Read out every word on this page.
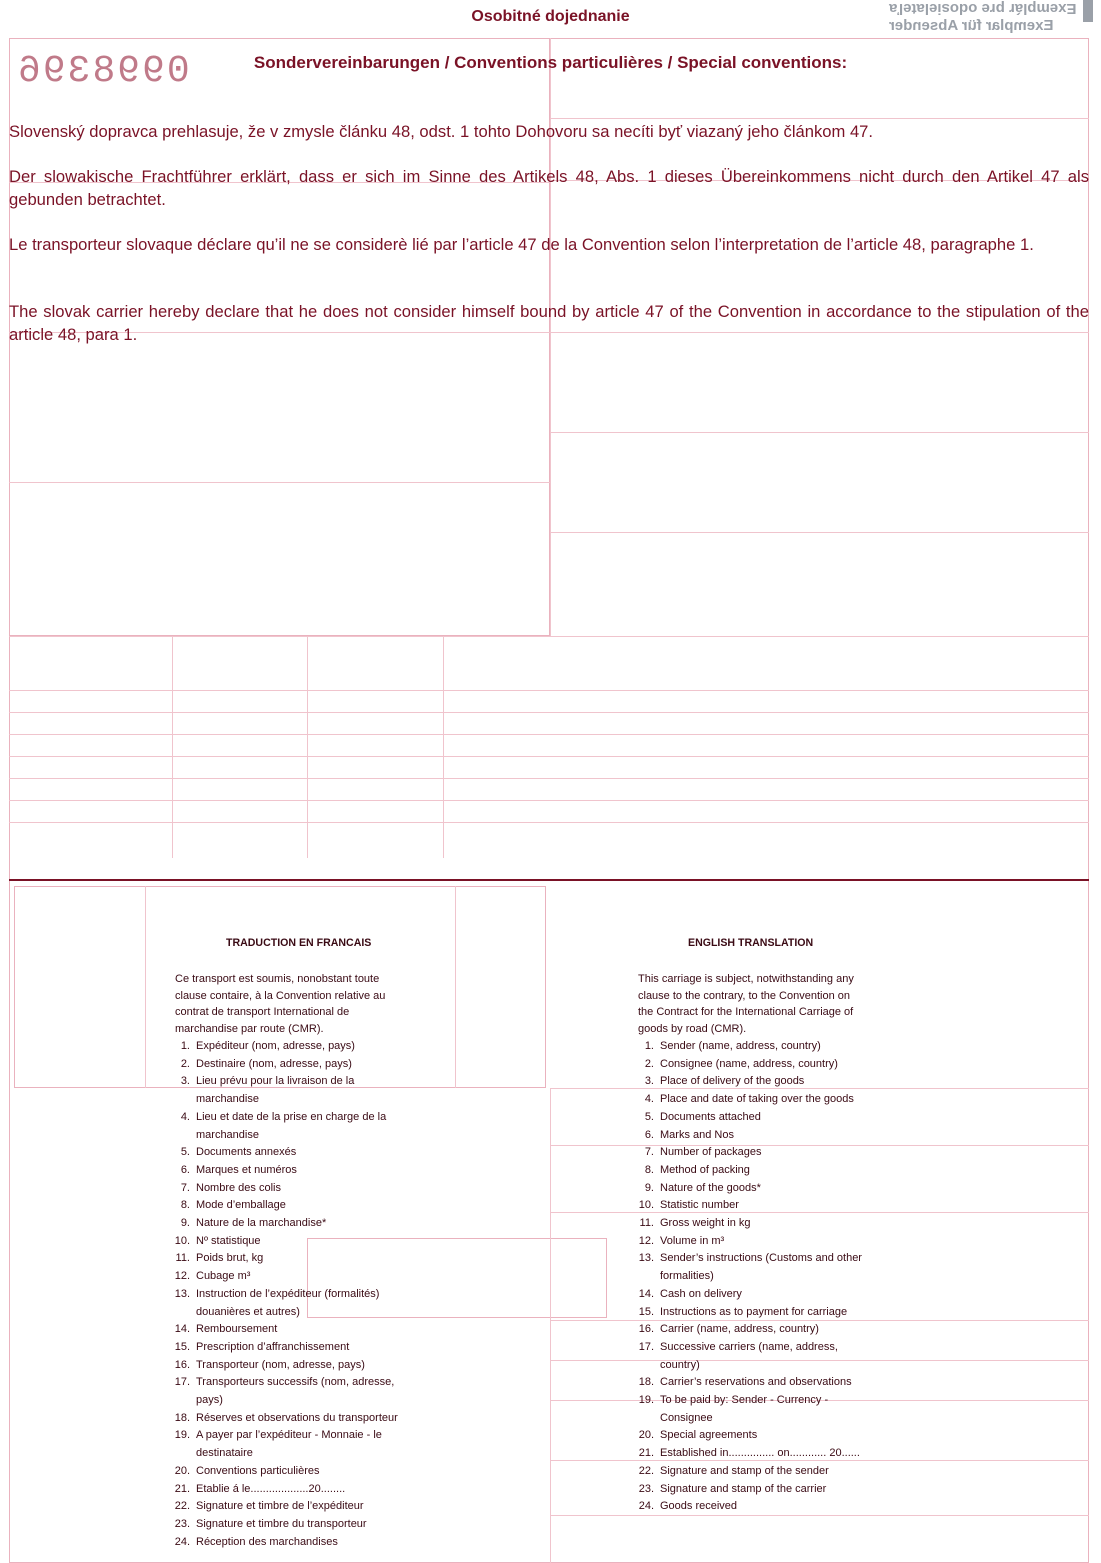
Exemplár pre odosielateľa
Exemplar für Absender
0998396
Osobitné dojednanie
Sondervereinbarungen / Conventions particulières / Special conventions:
Slovenský dopravca prehlasuje, že v zmysle článku 48, odst. 1 tohto Dohovoru sa necíti byť viazaný jeho článkom 47.
Der slowakische Frachtführer erklärt, dass er sich im Sinne des Artikels 48, Abs. 1 dieses Übereinkommens nicht durch den Artikel 47 als gebunden betrachtet.
Le transporteur slovaque déclare qu’il ne se considerè lié par l’article 47 de la Convention selon l’interpretation de l’article 48, paragraphe 1.
The slovak carrier hereby declare that he does not consider himself bound by article 47 of the Convention in accordance to the stipulation of the article 48, para 1.
TRADUCTION EN FRANCAIS
Ce transport est soumis, nonobstant toute clause contaire, à la Convention relative au contrat de transport International de marchandise par route (CMR).
1. Expéditeur (nom, adresse, pays)
2. Destinaire (nom, adresse, pays)
3. Lieu prévu pour la livraison de la marchandise
4. Lieu et date de la prise en charge de la marchandise
5. Documents annexés
6. Marques et numéros
7. Nombre des colis
8. Mode d’emballage
9. Nature de la marchandise*
10. Nº statistique
11. Poids brut, kg
12. Cubage m³
13. Instruction de l’expéditeur (formalités) douanières et autres)
14. Remboursement
15. Prescription d’affranchissement
16. Transporteur (nom, adresse, pays)
17. Transporteurs successifs (nom, adresse, pays)
18. Réserves et observations du transporteur
19. A payer par l’expéditeur - Monnaie - le destinataire
20. Conventions particulières
21. Etablie á le...................20........
22. Signature et timbre de l’expéditeur
23. Signature et timbre du transporteur
24. Réception des marchandises
ENGLISH TRANSLATION
This carriage is subject, notwithstanding any clause to the contrary, to the Convention on the Contract for the International Carriage of goods by road (CMR).
1. Sender (name, address, country)
2. Consignee (name, address, country)
3. Place of delivery of the goods
4. Place and date of taking over the goods
5. Documents attached
6. Marks and Nos
7. Number of packages
8. Method of packing
9. Nature of the goods*
10. Statistic number
11. Gross weight in kg
12. Volume in m³
13. Sender’s instructions (Customs and other formalities)
14. Cash on delivery
15. Instructions as to payment for carriage
16. Carrier (name, address, country)
17. Successive carriers (name, address, country)
18. Carrier’s reservations and observations
19. To be paid by: Sender - Currency - Consignee
20. Special agreements
21. Established in............... on............ 20......
22. Signature and stamp of the sender
23. Signature and stamp of the carrier
24. Goods received
